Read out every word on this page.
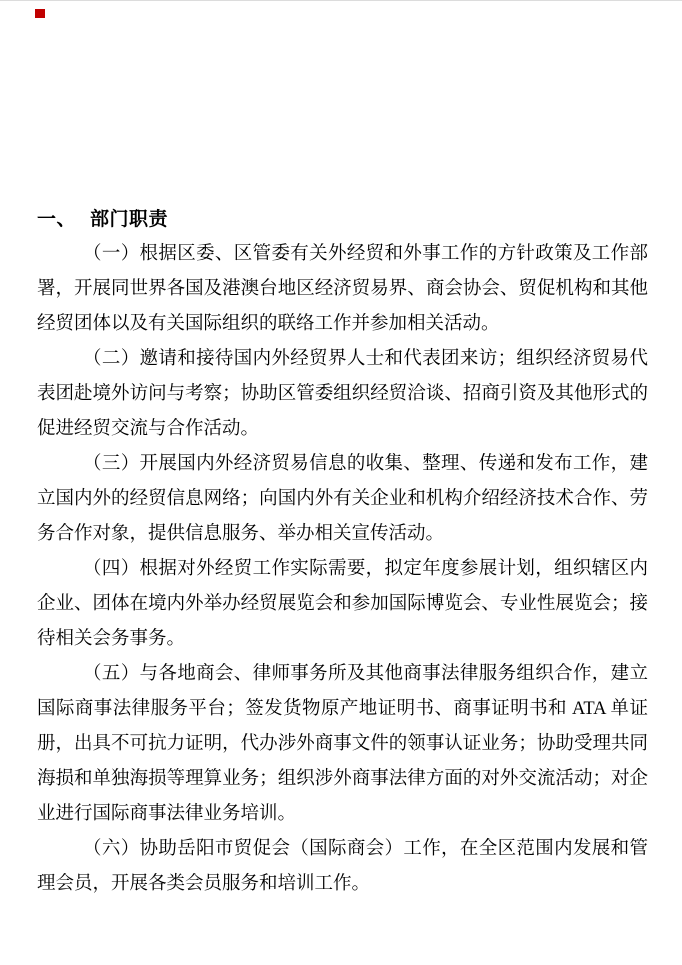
一、 部门职责

（一）根据区委、区管委有关外经贸和外事工作的方针政策及工作部署，开展同世界各国及港澳台地区经济贸易界、商会协会、贸促机构和其他经贸团体以及有关国际组织的联络工作并参加相关活动。

（二）邀请和接待国内外经贸界人士和代表团来访；组织经济贸易代表团赴境外访问与考察；协助区管委组织经贸洽谈、招商引资及其他形式的促进经贸交流与合作活动。

（三）开展国内外经济贸易信息的收集、整理、传递和发布工作，建立国内外的经贸信息网络；向国内外有关企业和机构介绍经济技术合作、劳务合作对象，提供信息服务、举办相关宣传活动。

（四）根据对外经贸工作实际需要，拟定年度参展计划，组织辖区内企业、团体在境内外举办经贸展览会和参加国际博览会、专业性展览会；接待相关会务事务。

（五）与各地商会、律师事务所及其他商事法律服务组织合作，建立国际商事法律服务平台；签发货物原产地证明书、商事证明书和 ATA 单证册，出具不可抗力证明，代办涉外商事文件的领事认证业务；协助受理共同海损和单独海损等理算业务；组织涉外商事法律方面的对外交流活动；对企业进行国际商事法律业务培训。

（六）协助岳阳市贸促会（国际商会）工作，在全区范围内发展和管理会员，开展各类会员服务和培训工作。
